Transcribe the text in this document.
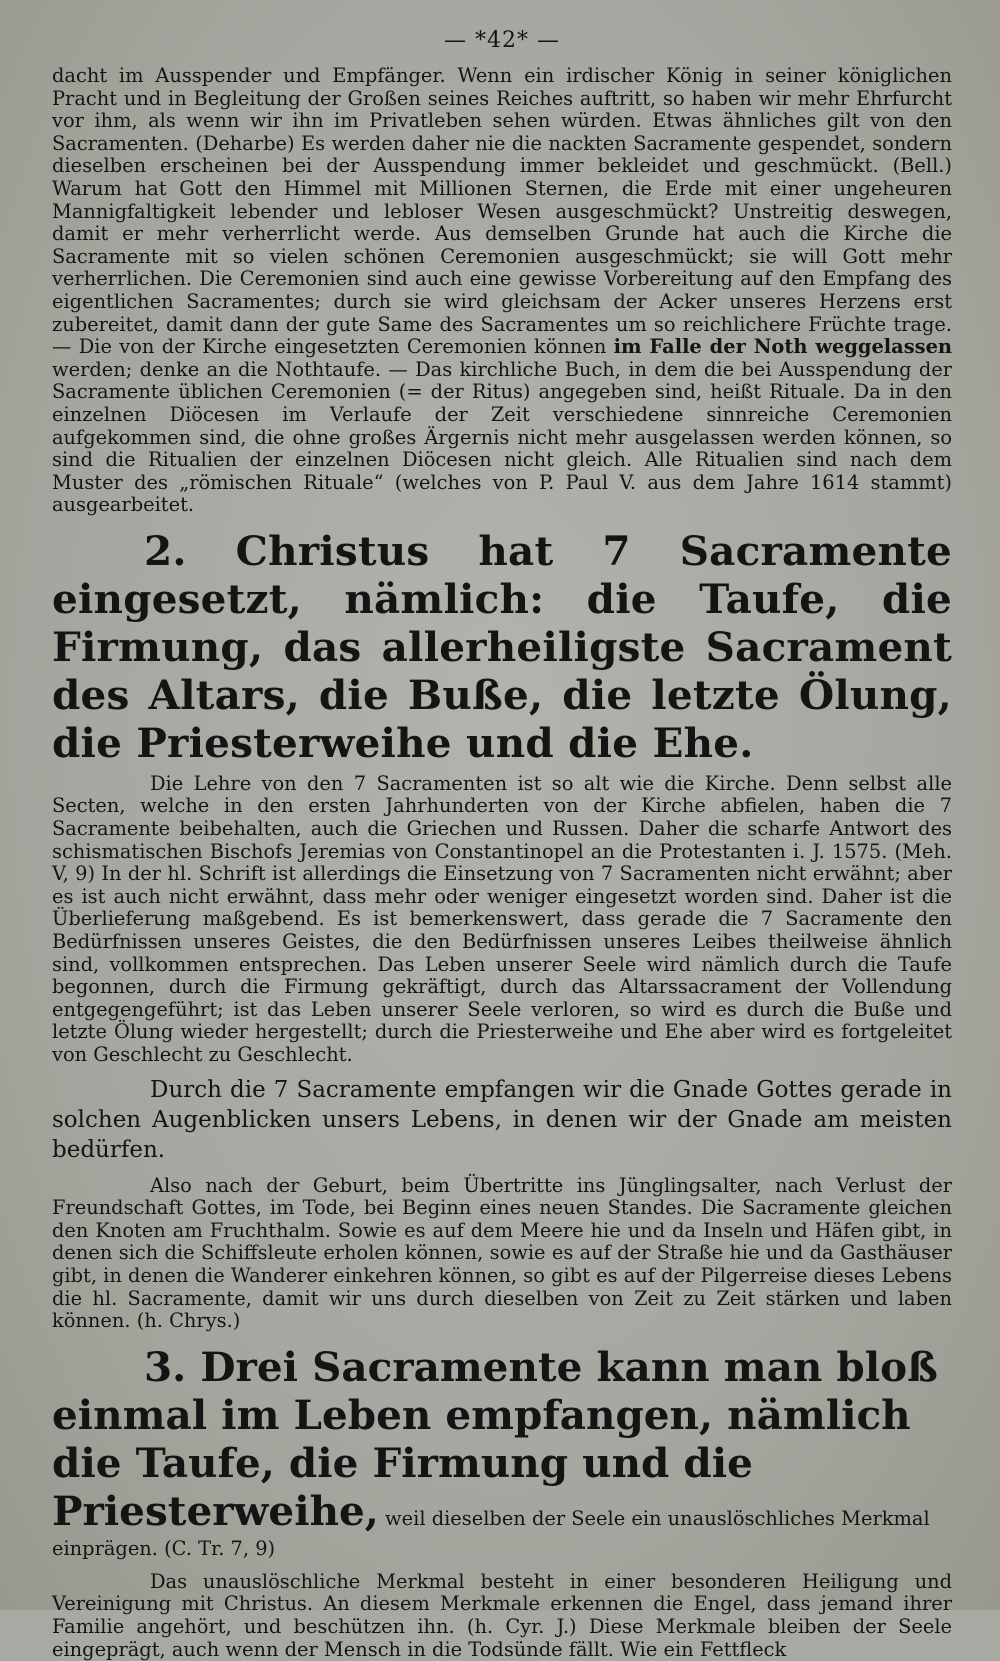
— *42* —

dacht im Ausspender und Empfänger. Wenn ein irdischer König in seiner königlichen Pracht und in Begleitung der Großen seines Reiches auftritt, so haben wir mehr Ehrfurcht vor ihm, als wenn wir ihn im Privatleben sehen würden. Etwas ähnliches gilt von den Sacramenten. (Deharbe) Es werden daher nie die nackten Sacramente gespendet, sondern dieselben erscheinen bei der Ausspendung immer bekleidet und geschmückt. (Bell.) Warum hat Gott den Himmel mit Millionen Sternen, die Erde mit einer ungeheuren Mannigfaltigkeit lebender und lebloser Wesen ausgeschmückt? Unstreitig deswegen, damit er mehr verherrlicht werde. Aus demselben Grunde hat auch die Kirche die Sacramente mit so vielen schönen Ceremonien ausgeschmückt; sie will Gott mehr verherrlichen. Die Ceremonien sind auch eine gewisse Vorbereitung auf den Empfang des eigentlichen Sacramentes; durch sie wird gleichsam der Acker unseres Herzens erst zubereitet, damit dann der gute Same des Sacramentes um so reichlichere Früchte trage. — Die von der Kirche eingesetzten Ceremonien können im Falle der Noth weggelassen werden; denke an die Nothtaufe. — Das kirchliche Buch, in dem die bei Ausspendung der Sacramente üblichen Ceremonien (= der Ritus) angegeben sind, heißt Rituale. Da in den einzelnen Diöcesen im Verlaufe der Zeit verschiedene sinnreiche Ceremonien aufgekommen sind, die ohne großes Ärgernis nicht mehr ausgelassen werden können, so sind die Ritualien der einzelnen Diöcesen nicht gleich. Alle Ritualien sind nach dem Muster des „römischen Rituale“ (welches von P. Paul V. aus dem Jahre 1614 stammt) ausgearbeitet.

2. Christus hat 7 Sacramente eingesetzt, nämlich: die Taufe, die Firmung, das allerheiligste Sacrament des Altars, die Buße, die letzte Ölung, die Priesterweihe und die Ehe.

Die Lehre von den 7 Sacramenten ist so alt wie die Kirche. Denn selbst alle Secten, welche in den ersten Jahrhunderten von der Kirche abfielen, haben die 7 Sacramente beibehalten, auch die Griechen und Russen. Daher die scharfe Antwort des schismatischen Bischofs Jeremias von Constantinopel an die Protestanten i. J. 1575. (Meh. V, 9) In der hl. Schrift ist allerdings die Einsetzung von 7 Sacramenten nicht erwähnt; aber es ist auch nicht erwähnt, dass mehr oder weniger eingesetzt worden sind. Daher ist die Überlieferung maßgebend. Es ist bemerkenswert, dass gerade die 7 Sacramente den Bedürfnissen unseres Geistes, die den Bedürfnissen unseres Leibes theilweise ähnlich sind, vollkommen entsprechen. Das Leben unserer Seele wird nämlich durch die Taufe begonnen, durch die Firmung gekräftigt, durch das Altarssacrament der Vollendung entgegengeführt; ist das Leben unserer Seele verloren, so wird es durch die Buße und letzte Ölung wieder hergestellt; durch die Priesterweihe und Ehe aber wird es fortgeleitet von Geschlecht zu Geschlecht.

Durch die 7 Sacramente empfangen wir die Gnade Gottes gerade in solchen Augenblicken unsers Lebens, in denen wir der Gnade am meisten bedürfen.

Also nach der Geburt, beim Übertritte ins Jünglingsalter, nach Verlust der Freundschaft Gottes, im Tode, bei Beginn eines neuen Standes. Die Sacramente gleichen den Knoten am Fruchthalm. Sowie es auf dem Meere hie und da Inseln und Häfen gibt, in denen sich die Schiffsleute erholen können, sowie es auf der Straße hie und da Gasthäuser gibt, in denen die Wanderer einkehren können, so gibt es auf der Pilgerreise dieses Lebens die hl. Sacramente, damit wir uns durch dieselben von Zeit zu Zeit stärken und laben können. (h. Chrys.)

3. Drei Sacramente kann man bloß einmal im Leben empfangen, nämlich die Taufe, die Firmung und die Priesterweihe, weil dieselben der Seele ein unauslöschliches Merkmal einprägen. (C. Tr. 7, 9)

Das unauslöschliche Merkmal besteht in einer besonderen Heiligung und Vereinigung mit Christus. An diesem Merkmale erkennen die Engel, dass jemand ihrer Familie angehört, und beschützen ihn. (h. Cyr. J.) Diese Merkmale bleiben der Seele eingeprägt, auch wenn der Mensch in die Todsünde fällt. Wie ein Fettfleck
